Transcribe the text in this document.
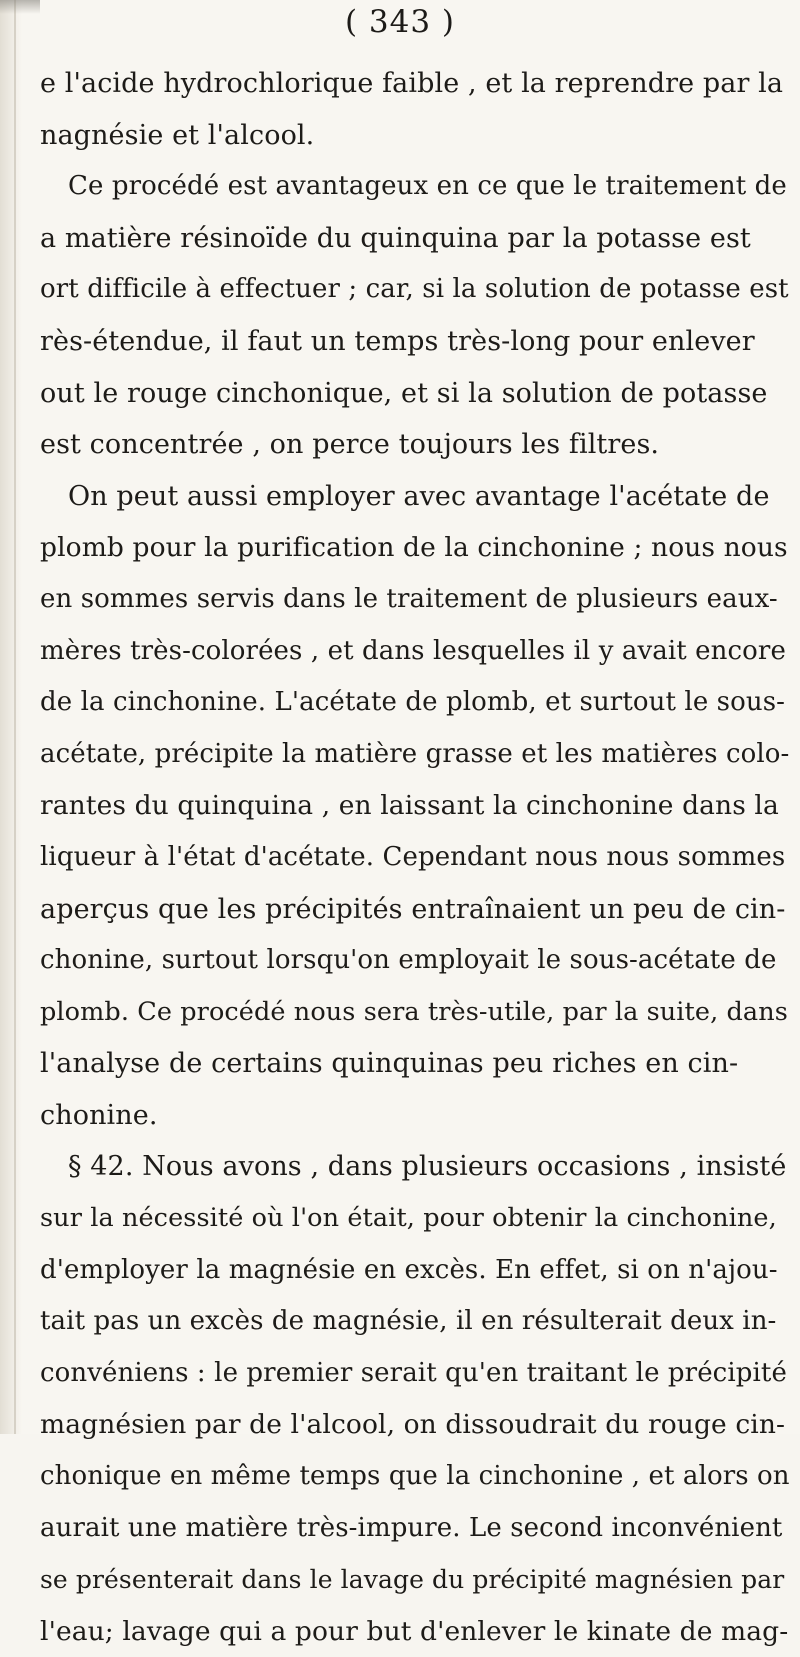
( 343 )
e l'acide hydrochlorique faible , et la reprendre par la
nagnésie et l'alcool.
Ce procédé est avantageux en ce que le traitement de
a matière résinoïde du quinquina par la potasse est
ort difficile à effectuer ; car, si la solution de potasse est
rès-étendue, il faut un temps très-long pour enlever
out le rouge cinchonique, et si la solution de potasse
est concentrée , on perce toujours les filtres.
On peut aussi employer avec avantage l'acétate de
plomb pour la purification de la cinchonine ; nous nous
en sommes servis dans le traitement de plusieurs eaux-
mères très-colorées , et dans lesquelles il y avait encore
de la cinchonine. L'acétate de plomb, et surtout le sous-
acétate, précipite la matière grasse et les matières colo-
rantes du quinquina , en laissant la cinchonine dans la
liqueur à l'état d'acétate. Cependant nous nous sommes
aperçus que les précipités entraînaient un peu de cin-
chonine, surtout lorsqu'on employait le sous-acétate de
plomb. Ce procédé nous sera très-utile, par la suite, dans
l'analyse de certains quinquinas peu riches en cin-
chonine.
§ 42. Nous avons , dans plusieurs occasions , insisté
sur la nécessité où l'on était, pour obtenir la cinchonine,
d'employer la magnésie en excès. En effet, si on n'ajou-
tait pas un excès de magnésie, il en résulterait deux in-
convéniens : le premier serait qu'en traitant le précipité
magnésien par de l'alcool, on dissoudrait du rouge cin-
chonique en même temps que la cinchonine , et alors on
aurait une matière très-impure. Le second inconvénient
se présenterait dans le lavage du précipité magnésien par
l'eau; lavage qui a pour but d'enlever le kinate de mag-
